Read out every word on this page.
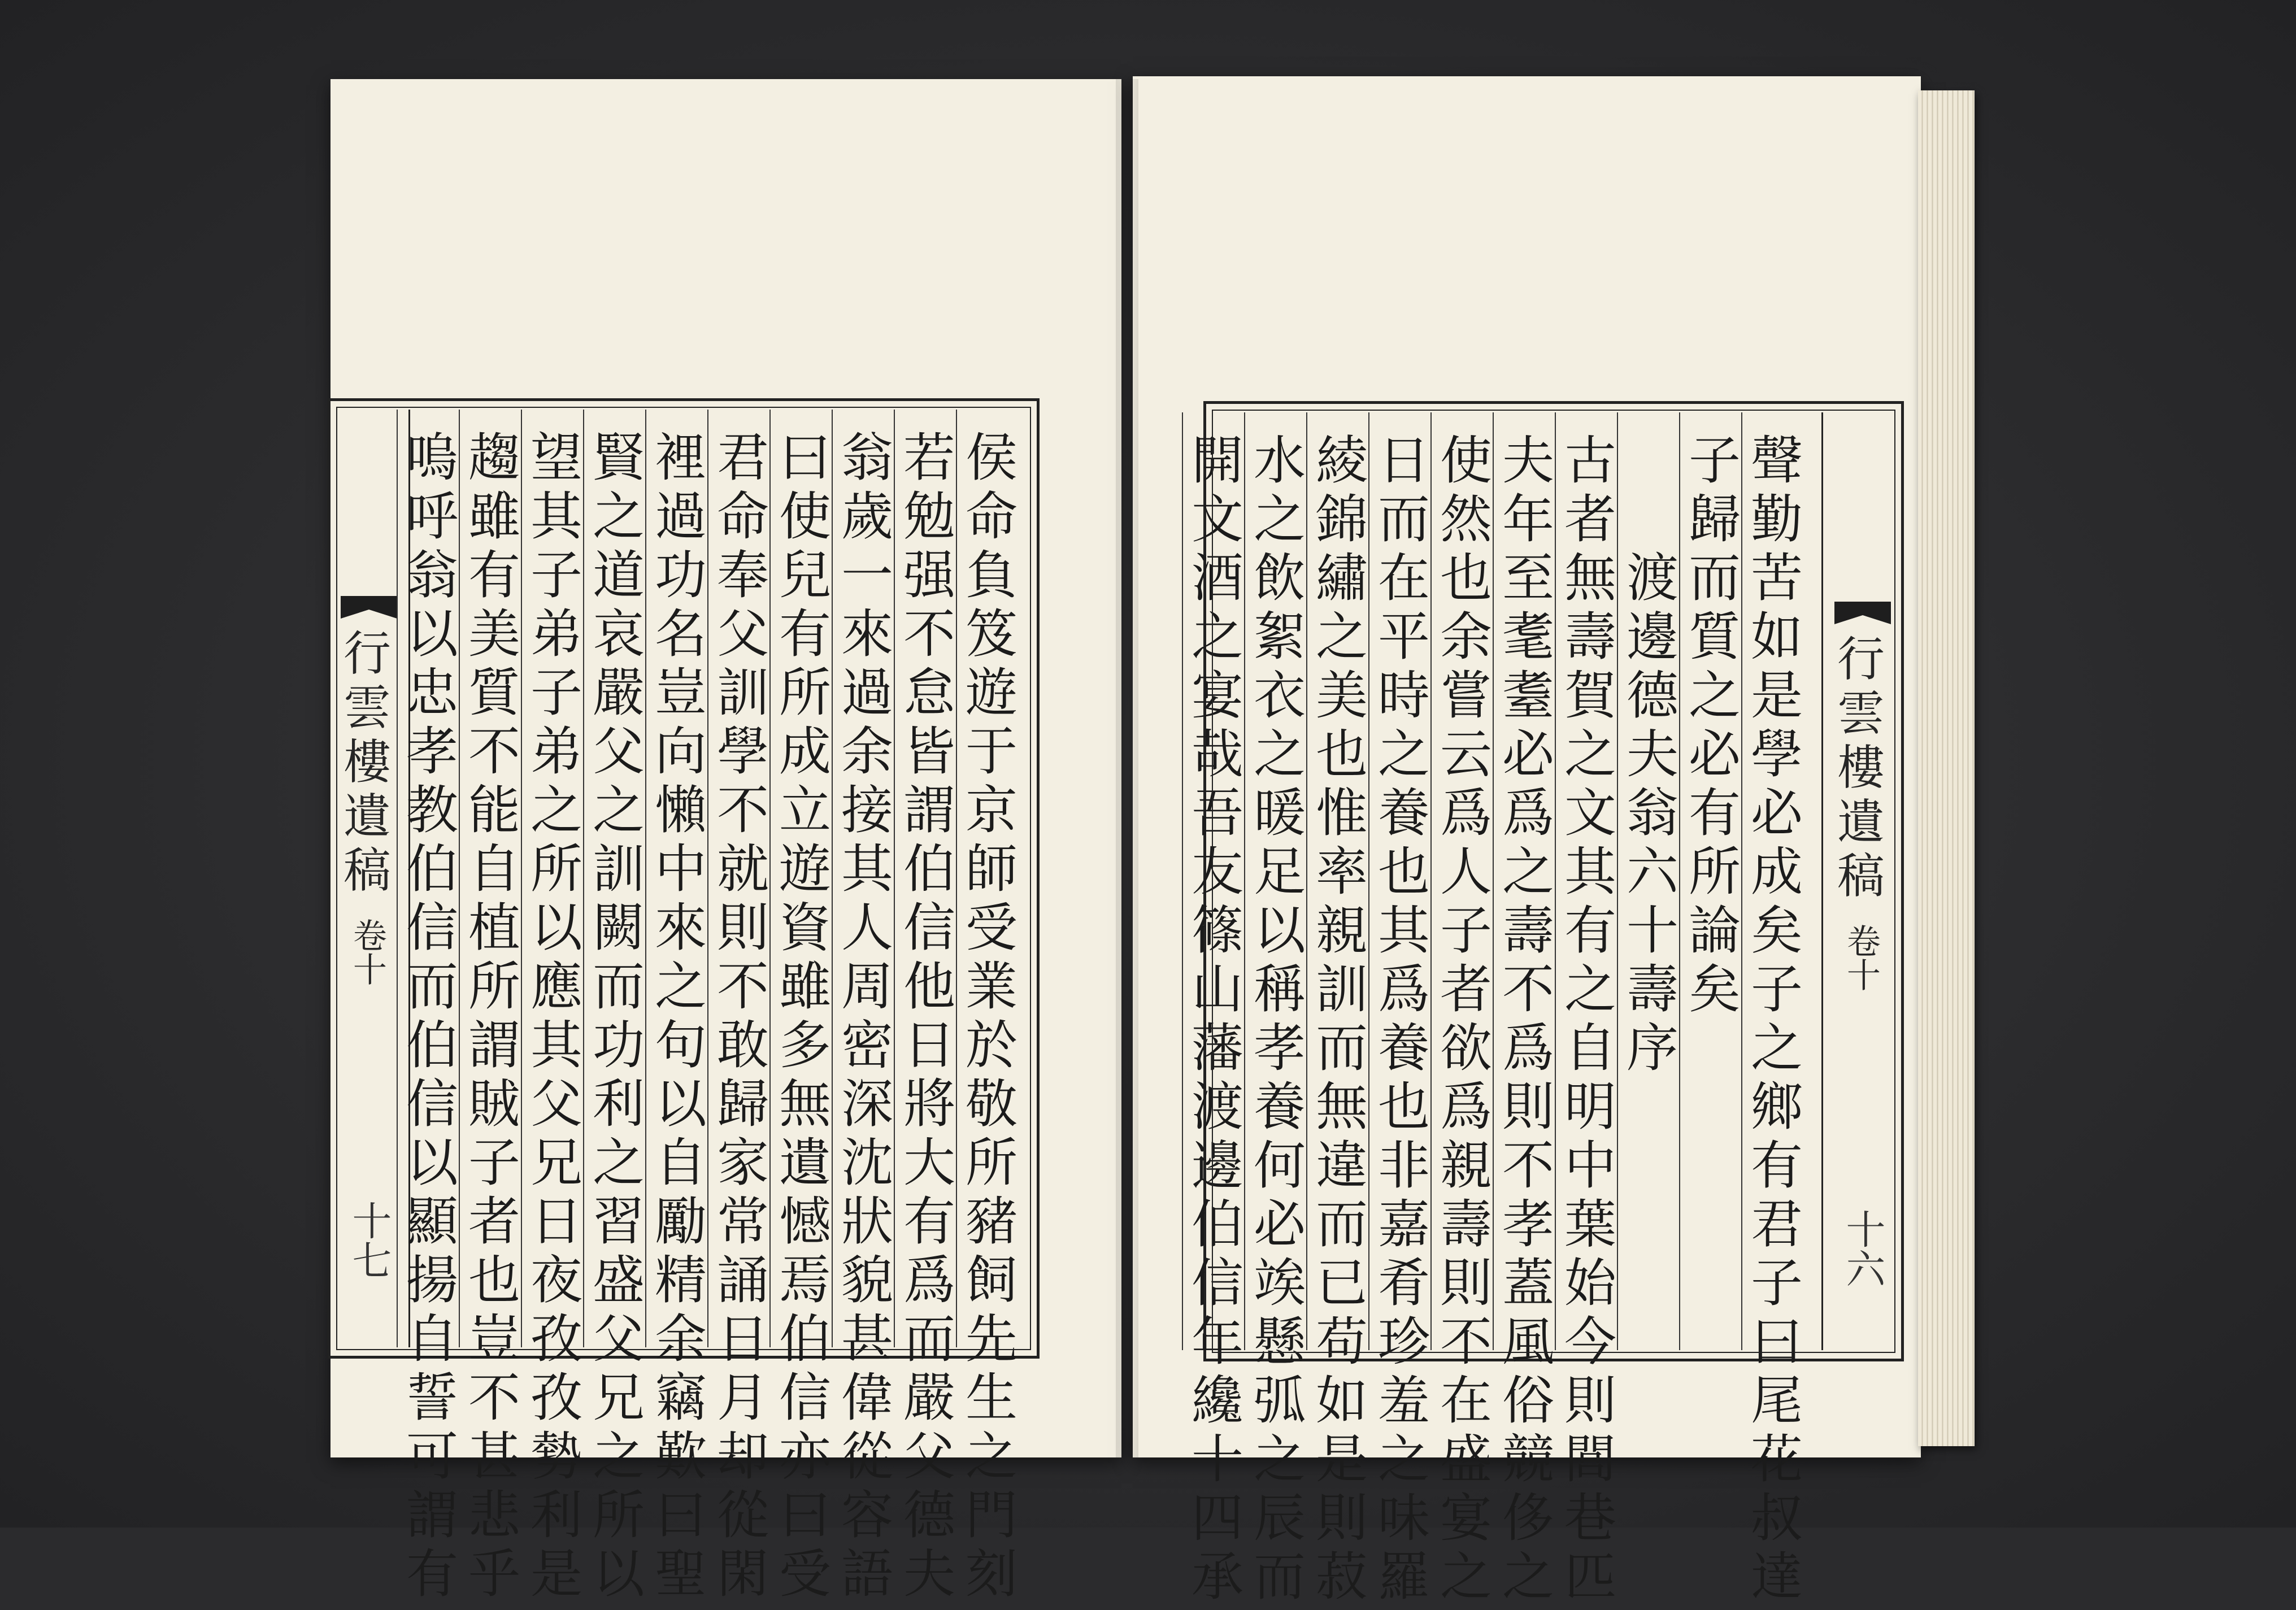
行
雲
樓
遺
稿
卷十
十七
侯
命
負
笈
遊
于
京
師
受
業
於
敬
所
豬
飼
先
生
之
門
刻
若
勉
强
不
怠
皆
謂
伯
信
他
日
將
大
有
爲
而
嚴
父
德
夫
翁
歲
一
來
過
余
接
其
人
周
密
深
沈
狀
貌
甚
偉
從
容
語
曰
使
兒
有
所
成
立
遊
資
雖
多
無
遺
憾
焉
伯
信
亦
曰
受
君
命
奉
父
訓
學
不
就
則
不
敢
歸
家
常
誦
日
月
却
從
閑
裡
過
功
名
豈
向
懶
中
來
之
句
以
自
勵
精
余
竊
歎
曰
聖
賢
之
道
哀
嚴
父
之
訓
闕
而
功
利
之
習
盛
父
兄
之
所
以
望
其
子
弟
子
弟
之
所
以
應
其
父
兄
日
夜
孜
孜
勢
利
是
趨
雖
有
美
質
不
能
自
植
所
謂
賊
子
者
也
豈
不
甚
悲
乎
嗚
呼
翁
以
忠
孝
教
伯
信
而
伯
信
以
顯
揚
自
誓
可
謂
有
行
雲
樓
遺
稿
卷十
十六
聲
勤
苦
如
是
學
必
成
矣
子
之
鄉
有
君
子
曰
尾
花
叔
達
子
歸
而
質
之
必
有
所
論
矣

渡
邊
德
夫
翁
六
十
壽
序
古
者
無
壽
賀
之
文
其
有
之
自
明
中
葉
始
今
則
閭
巷
匹
夫
年
至
耄
耋
必
爲
之
壽
不
爲
則
不
孝
蓋
風
俗
競
侈
之
使
然
也
余
嘗
云
爲
人
子
者
欲
爲
親
壽
則
不
在
盛
宴
之
日
而
在
平
時
之
養
也
其
爲
養
也
非
嘉
肴
珍
羞
之
味
羅
綾
錦
繡
之
美
也
惟
率
親
訓
而
無
違
而
已
苟
如
是
則
菽
水
之
飲
絮
衣
之
暖
足
以
稱
孝
養
何
必
竢
懸
弧
之
辰
而
開
文
酒
之
宴
哉
吾
友
篠
山
藩
渡
邊
伯
信
年
纔
十
四
承
